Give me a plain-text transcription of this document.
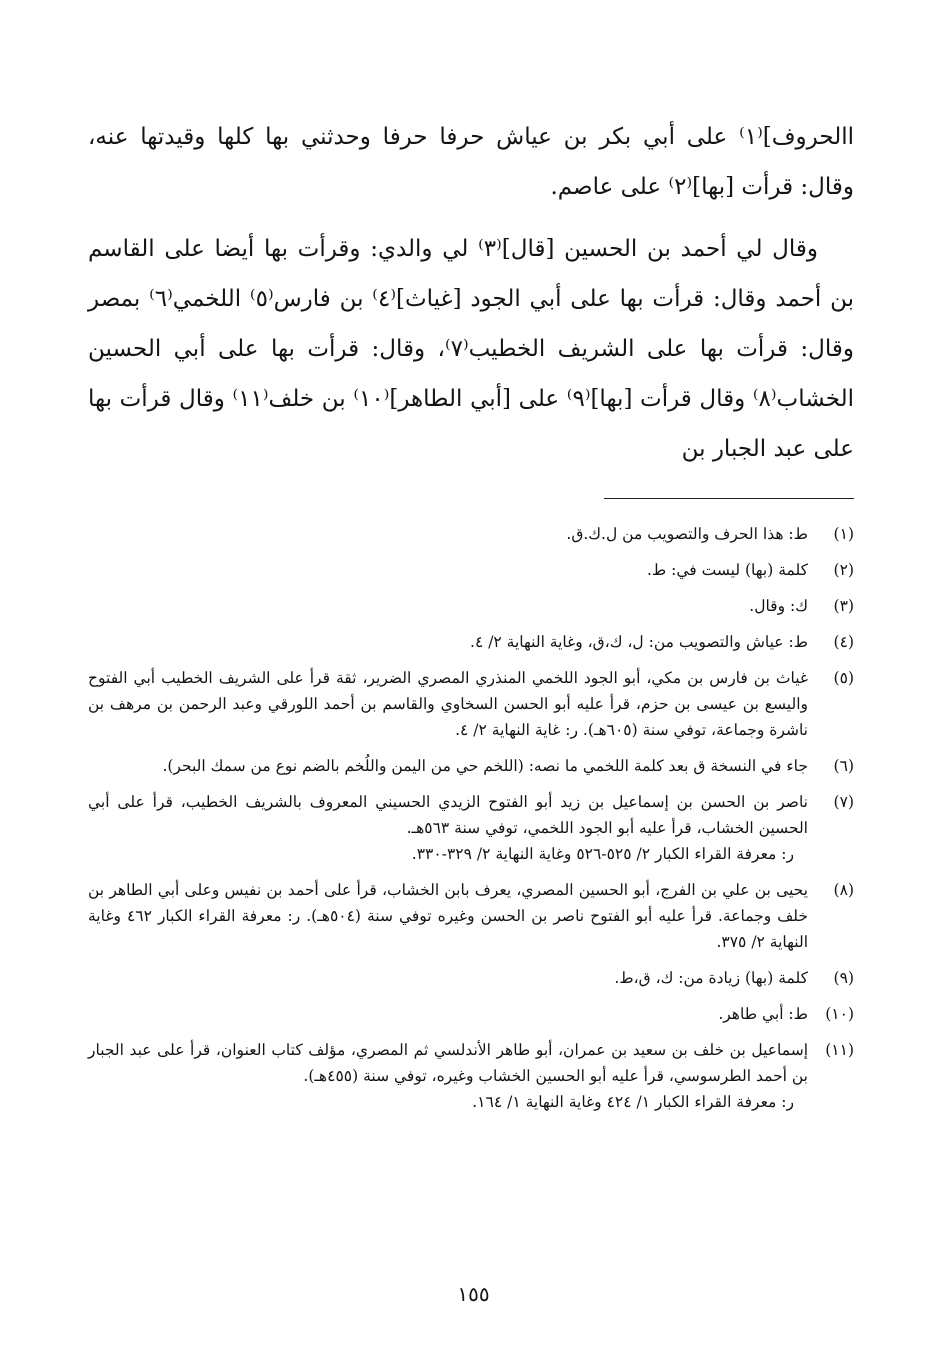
االحروف]⁽١⁾ على أبي بكر بن عياش حرفا حرفا وحدثني بها كلها وقيدتها عنه، وقال: قرأت [بها]⁽٢⁾ على عاصم.

وقال لي أحمد بن الحسين [قال]⁽٣⁾ لي والدي: وقرأت بها أيضا على القاسم بن أحمد وقال: قرأت بها على أبي الجود [غياث]⁽٤⁾ بن فارس⁽٥⁾ اللخمي⁽٦⁾ بمصر وقال: قرأت بها على الشريف الخطيب⁽٧⁾، وقال: قرأت بها على أبي الحسين الخشاب⁽٨⁾ وقال قرأت [بها]⁽٩⁾ على [أبي الطاهر]⁽١٠⁾ بن خلف⁽١١⁾ وقال قرأت بها على عبد الجبار بن

(١)
ط: هذا الحرف والتصويب من ل.ك.ق.
(٢)
كلمة (بها) ليست في: ط.
(٣)
ك: وقال.
(٤)
ط: عياش والتصويب من: ل، ك،ق، وغاية النهاية ٢/ ٤.
(٥)
غياث بن فارس بن مكي، أبو الجود اللخمي المنذري المصري الضرير، ثقة قرأ على الشريف الخطيب أبي الفتوح واليسع بن عيسى بن حزم، قرأ عليه أبو الحسن السخاوي والقاسم بن أحمد اللورقي وعبد الرحمن بن مرهف بن ناشرة وجماعة، توفي سنة (٦٠٥هـ). ر: غاية النهاية ٢/ ٤.
(٦)
جاء في النسخة ق بعد كلمة اللخمي ما نصه: (اللخم حي من اليمن واللُخم بالضم نوع من سمك البحر).
(٧)
ناصر بن الحسن بن إسماعيل بن زيد أبو الفتوح الزيدي الحسيني المعروف بالشريف الخطيب، قرأ على أبي الحسين الخشاب، قرأ عليه أبو الجود اللخمي، توفي سنة ٥٦٣هـ.
ر: معرفة القراء الكبار ٢/ ٥٢٥-٥٢٦ وغاية النهاية ٢/ ٣٢٩-٣٣٠.
(٨)
يحيى بن علي بن الفرج، أبو الحسين المصري، يعرف بابن الخشاب، قرأ على أحمد بن نفيس وعلى أبي الطاهر بن خلف وجماعة. قرأ عليه أبو الفتوح ناصر بن الحسن وغيره توفي سنة (٥٠٤هـ). ر: معرفة القراء الكبار ٤٦٢ وغاية النهاية ٢/ ٣٧٥.
(٩)
كلمة (بها) زيادة من: ك، ق،ط.
(١٠)
ط: أبي طاهر.
(١١)
إسماعيل بن خلف بن سعيد بن عمران، أبو طاهر الأندلسي ثم المصري، مؤلف كتاب العنوان، قرأ على عبد الجبار بن أحمد الطرسوسي، قرأ عليه أبو الحسين الخشاب وغيره، توفي سنة (٤٥٥هـ).
ر: معرفة القراء الكبار ١/ ٤٢٤ وغاية النهاية ١/ ١٦٤.
١٥٥
